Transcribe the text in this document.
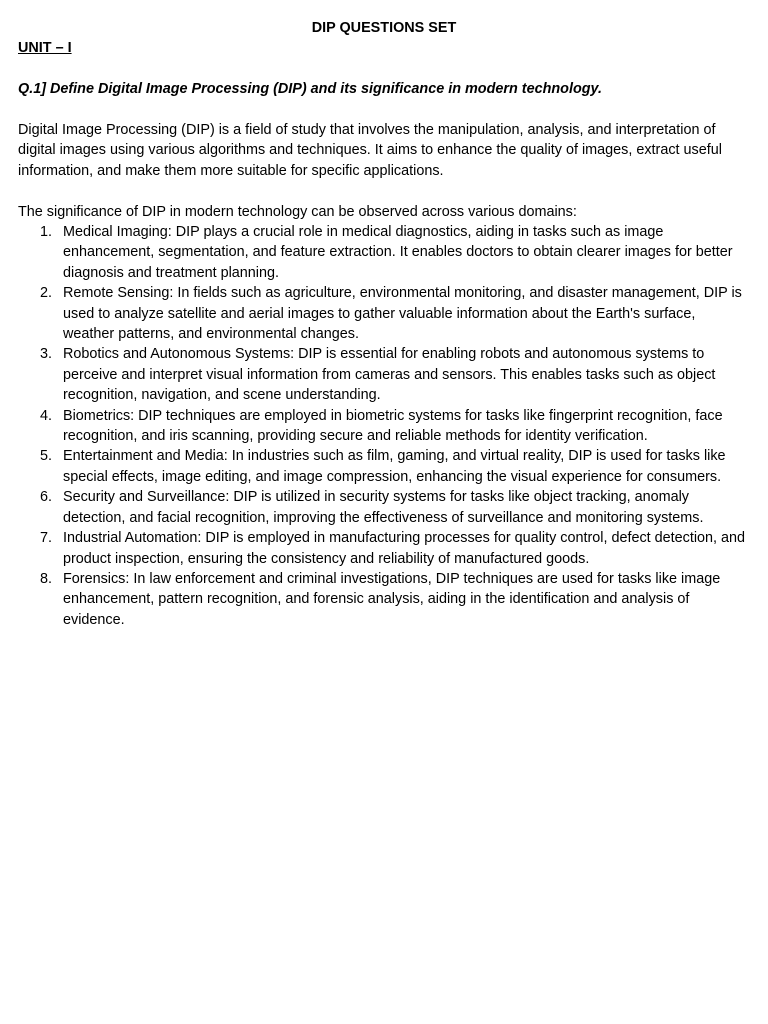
DIP QUESTIONS SET

UNIT – I

Q.1] Define Digital Image Processing (DIP) and its significance in modern technology.

Digital Image Processing (DIP) is a field of study that involves the manipulation, analysis, and interpretation of digital images using various algorithms and techniques. It aims to enhance the quality of images, extract useful information, and make them more suitable for specific applications.

The significance of DIP in modern technology can be observed across various domains:

1. Medical Imaging: DIP plays a crucial role in medical diagnostics, aiding in tasks such as image enhancement, segmentation, and feature extraction. It enables doctors to obtain clearer images for better diagnosis and treatment planning.
2. Remote Sensing: In fields such as agriculture, environmental monitoring, and disaster management, DIP is used to analyze satellite and aerial images to gather valuable information about the Earth's surface, weather patterns, and environmental changes.
3. Robotics and Autonomous Systems: DIP is essential for enabling robots and autonomous systems to perceive and interpret visual information from cameras and sensors. This enables tasks such as object recognition, navigation, and scene understanding.
4. Biometrics: DIP techniques are employed in biometric systems for tasks like fingerprint recognition, face recognition, and iris scanning, providing secure and reliable methods for identity verification.
5. Entertainment and Media: In industries such as film, gaming, and virtual reality, DIP is used for tasks like special effects, image editing, and image compression, enhancing the visual experience for consumers.
6. Security and Surveillance: DIP is utilized in security systems for tasks like object tracking, anomaly detection, and facial recognition, improving the effectiveness of surveillance and monitoring systems.
7. Industrial Automation: DIP is employed in manufacturing processes for quality control, defect detection, and product inspection, ensuring the consistency and reliability of manufactured goods.
8. Forensics: In law enforcement and criminal investigations, DIP techniques are used for tasks like image enhancement, pattern recognition, and forensic analysis, aiding in the identification and analysis of evidence.
